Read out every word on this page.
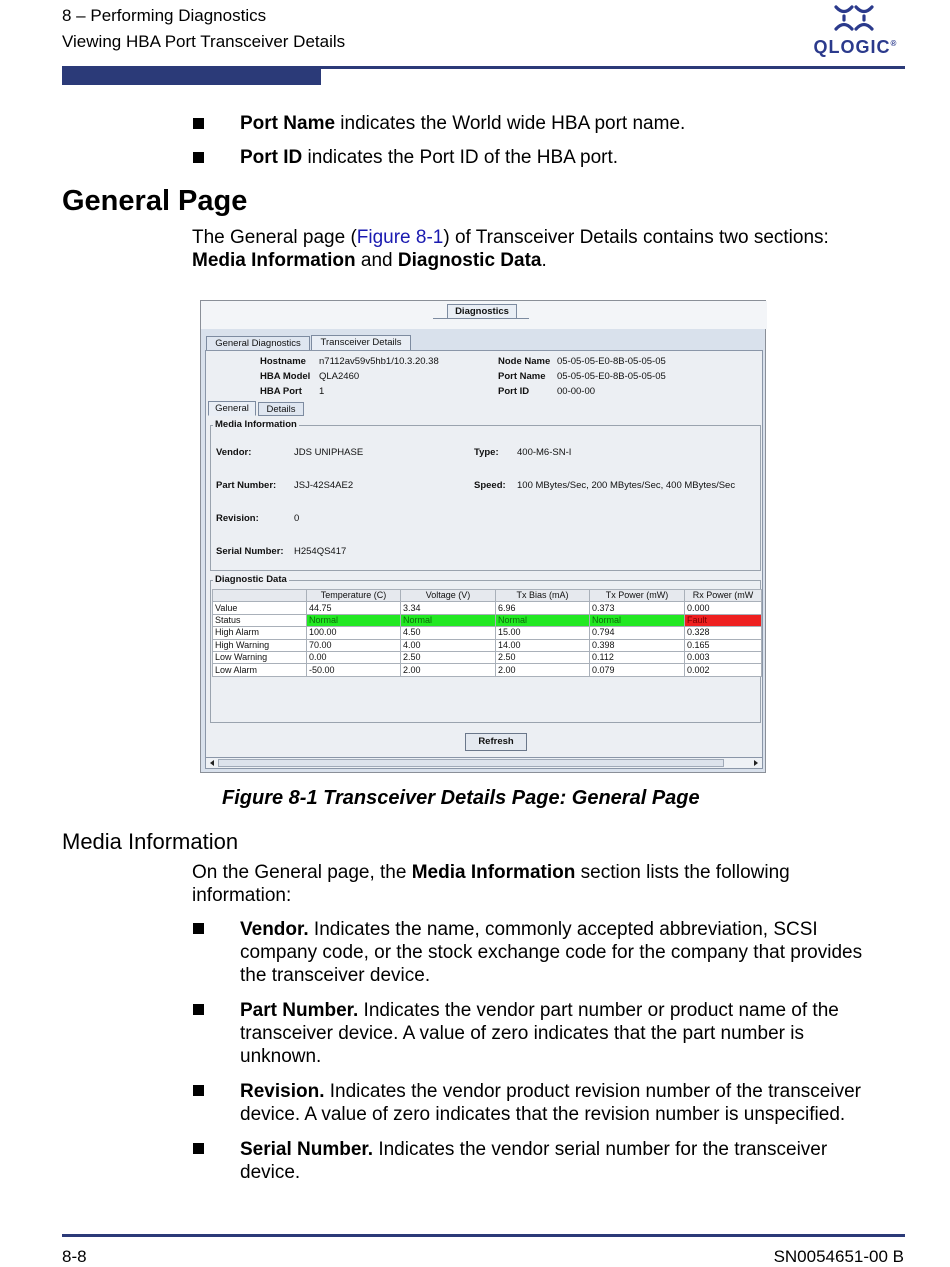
8 – Performing Diagnostics
Viewing HBA Port Transceiver Details	QLOGIC®
Port Name indicates the World wide HBA port name.
Port ID indicates the Port ID of the HBA port.
General Page
The General page (Figure 8-1) of Transceiver Details contains two sections:
Media Information and Diagnostic Data.
Diagnostics
General Diagnostics	Transceiver Details
Hostname n7112av59v5hb1/10.3.20.38
HBA Model QLA2460
HBA Port 1
Node Name 05-05-05-E0-8B-05-05-05
Port Name 05-05-05-E0-8B-05-05-05
Port ID	00-00-00
General	Details
Media Information
Vendor:	JDS UNIPHASE	Type: 400-M6-SN-I
Part Number: JSJ-42S4AE2	Speed: 100 MBytes/Sec, 200 MBytes/Sec, 400 MBytes/Sec
Revision:	0
Serial Number: H254QS417
Diagnostic Data
	Temperature (C)	Voltage (V)	Tx Bias (mA)	Tx Power (mW)	Rx Power (mW
Value	44.75	3.34	6.96	0.373	0.000
Status	Normal	Normal	Normal	Normal	Fault
High Alarm	100.00	4.50	15.00	0.794	0.328
High Warning	70.00	4.00	14.00	0.398	0.165
Low Warning	0.00	2.50	2.50	0.112	0.003
Low Alarm	-50.00	2.00	2.00	0.079	0.002
Refresh
Figure 8-1 Transceiver Details Page: General Page
Media Information
On the General page, the Media Information section lists the following
information:
Vendor. Indicates the name, commonly accepted abbreviation, SCSI
company code, or the stock exchange code for the company that provides
the transceiver device.
Part Number. Indicates the vendor part number or product name of the
transceiver device. A value of zero indicates that the part number is
unknown.
Revision. Indicates the vendor product revision number of the transceiver
device. A value of zero indicates that the revision number is unspecified.
Serial Number. Indicates the vendor serial number for the transceiver
device.
8-8	SN0054651-00 B
